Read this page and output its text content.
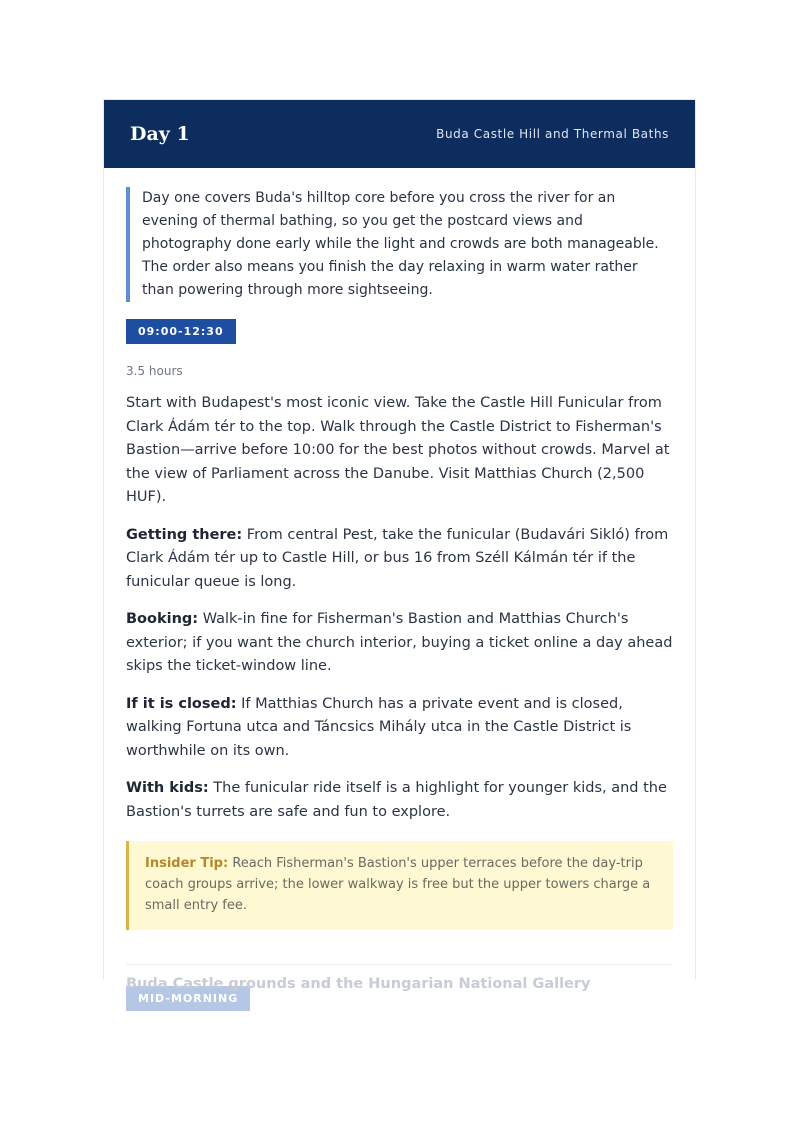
Day 1	Buda Castle Hill and Thermal Baths
Day one covers Buda's hilltop core before you cross the river for an evening of thermal bathing, so you get the postcard views and photography done early while the light and crowds are both manageable. The order also means you finish the day relaxing in warm water rather than powering through more sightseeing.
09:00-12:30
3.5 hours
Start with Budapest's most iconic view. Take the Castle Hill Funicular from Clark Ádám tér to the top. Walk through the Castle District to Fisherman's Bastion—arrive before 10:00 for the best photos without crowds. Marvel at the view of Parliament across the Danube. Visit Matthias Church (2,500 HUF).
Getting there: From central Pest, take the funicular (Budavári Sikló) from Clark Ádám tér up to Castle Hill, or bus 16 from Széll Kálmán tér if the funicular queue is long.
Booking: Walk-in fine for Fisherman's Bastion and Matthias Church's exterior; if you want the church interior, buying a ticket online a day ahead skips the ticket-window line.
If it is closed: If Matthias Church has a private event and is closed, walking Fortuna utca and Táncsics Mihály utca in the Castle District is worthwhile on its own.
With kids: The funicular ride itself is a highlight for younger kids, and the Bastion's turrets are safe and fun to explore.
Insider Tip: Reach Fisherman's Bastion's upper terraces before the day-trip coach groups arrive; the lower walkway is free but the upper towers charge a small entry fee.
MID-MORNING
Buda Castle grounds and the Hungarian National Gallery
